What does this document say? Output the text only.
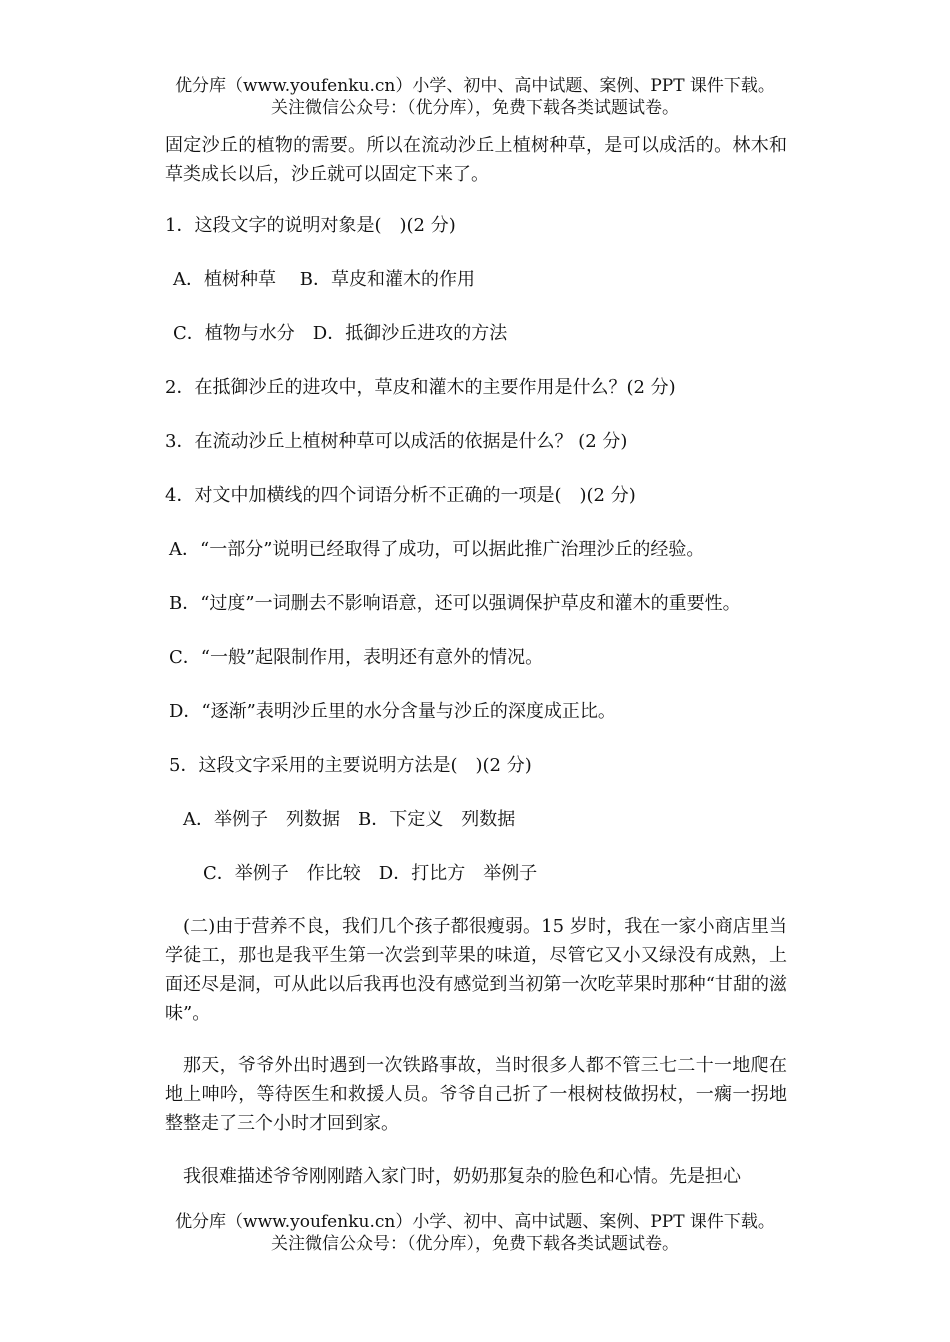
优分库（www.youfenku.cn）小学、初中、高中试题、案例、PPT 课件下载。
关注微信公众号：（优分库），免费下载各类试题试卷。
固定沙丘的植物的需要。所以在流动沙丘上植树种草，是可以成活的。林木和草类成长以后，沙丘就可以固定下来了。
1．这段文字的说明对象是(　)(2 分)
A．植树种草　 B．草皮和灌木的作用
C．植物与水分　D．抵御沙丘进攻的方法
2．在抵御沙丘的进攻中，草皮和灌木的主要作用是什么？(2 分)
3．在流动沙丘上植树种草可以成活的依据是什么？ (2 分)
4．对文中加横线的四个词语分析不正确的一项是(　)(2 分)
A．“一部分”说明已经取得了成功，可以据此推广治理沙丘的经验。
B．“过度”一词删去不影响语意，还可以强调保护草皮和灌木的重要性。
C．“一般”起限制作用，表明还有意外的情况。
D．“逐渐”表明沙丘里的水分含量与沙丘的深度成正比。
5．这段文字采用的主要说明方法是(　)(2 分)
A．举例子　列数据　B．下定义　列数据
C．举例子　作比较　D．打比方　举例子
(二)由于营养不良，我们几个孩子都很瘦弱。15 岁时，我在一家小商店里当学徒工，那也是我平生第一次尝到苹果的味道，尽管它又小又绿没有成熟，上面还尽是洞，可从此以后我再也没有感觉到当初第一次吃苹果时那种“甘甜的滋味”。
那天，爷爷外出时遇到一次铁路事故，当时很多人都不管三七二十一地爬在地上呻吟，等待医生和救援人员。爷爷自己折了一根树枝做拐杖，一瘸一拐地整整走了三个小时才回到家。
我很难描述爷爷刚刚踏入家门时，奶奶那复杂的脸色和心情。先是担心
优分库（www.youfenku.cn）小学、初中、高中试题、案例、PPT 课件下载。
关注微信公众号：（优分库），免费下载各类试题试卷。
